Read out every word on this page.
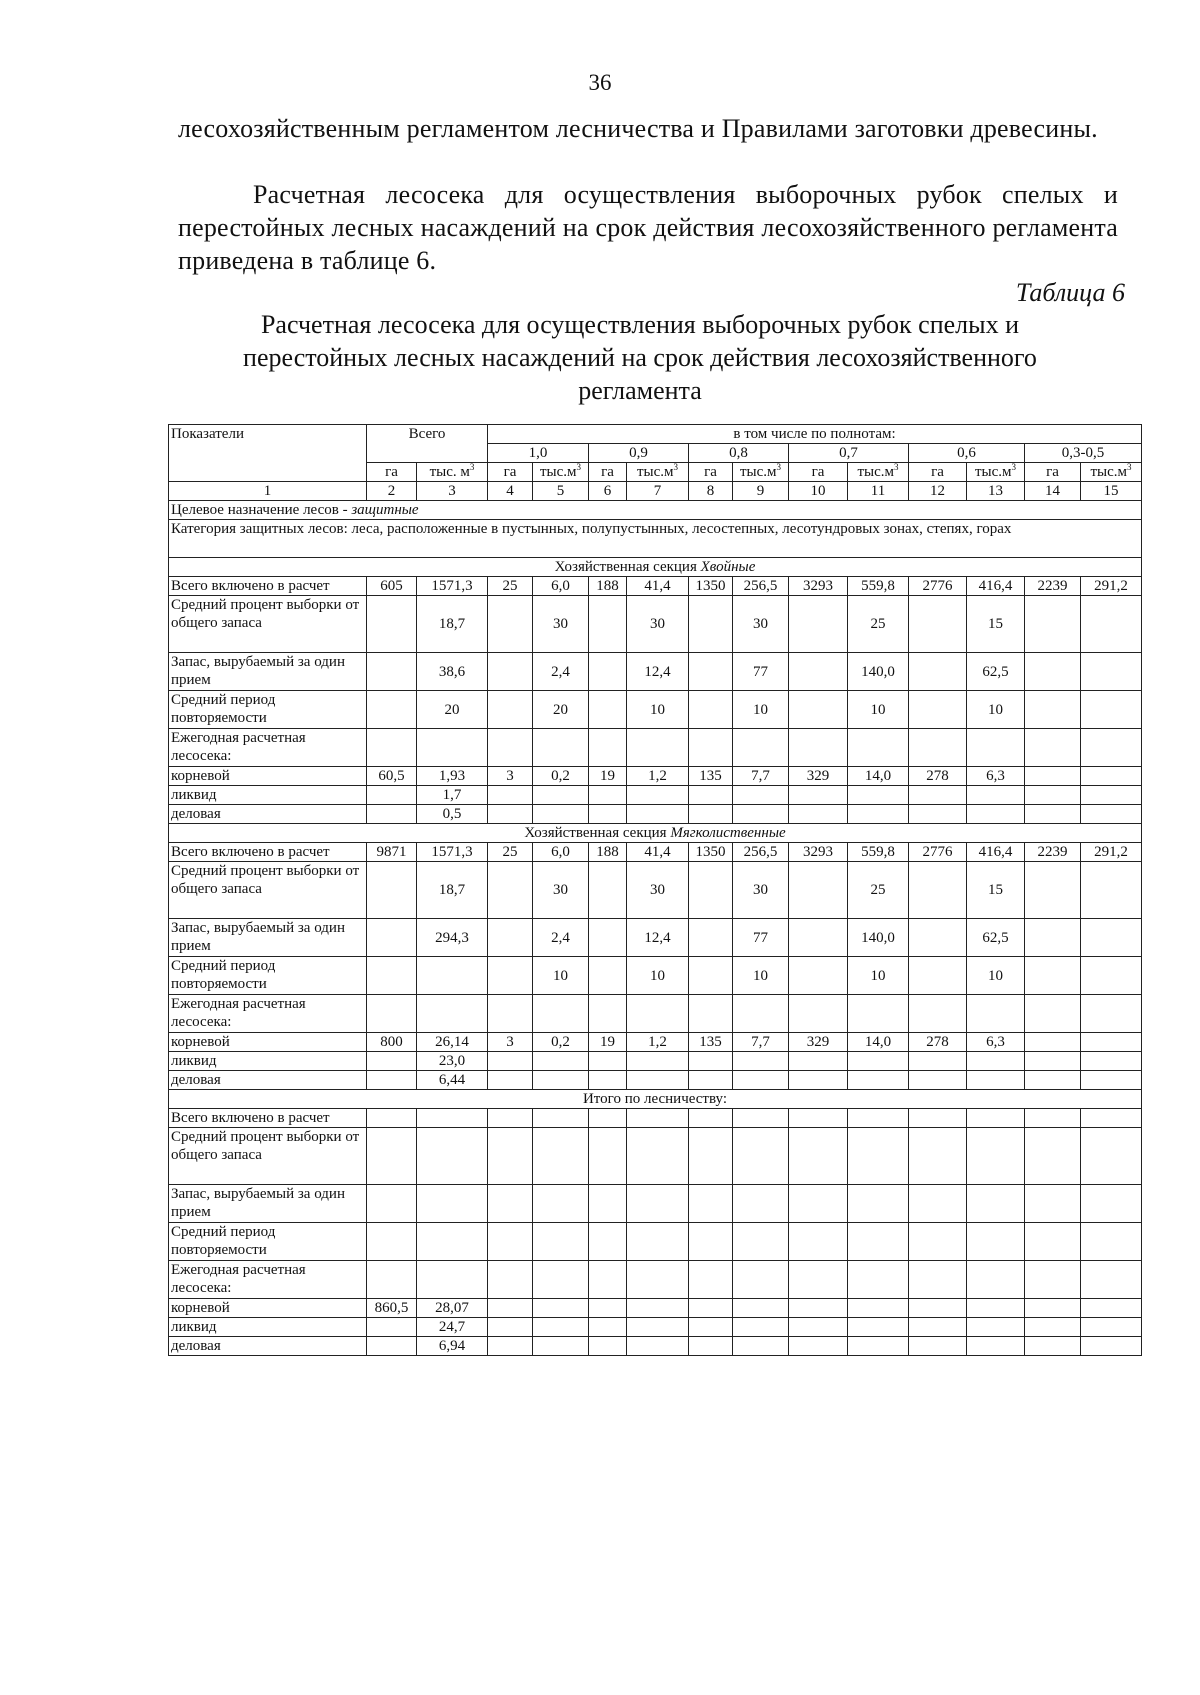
36
лесохозяйственным регламентом лесничества и Правилами заготовки древесины.
Расчетная лесосека для осуществления выборочных рубок спелых и перестойных лесных насаждений на срок действия лесохозяйственного регламента приведена в таблице 6.
Таблица 6
Расчетная лесосека для осуществления выборочных рубок спелых и перестойных лесных насаждений на срок действия лесохозяйственного регламента
Показатели	Всего		в том числе по полнотам:											
			1,0		0,9		0,8		0,7		0,6		0,3-0,5	
	га	тыс. $м^3$	га	$тыс.м^3$	га	$тыс.м^3$	га	$тыс.м^3$	га	$тыс.м^3$	га	$тыс.м^3$	га	$тыс.м^3$
1	2	3	4	5	6	7	8	9	10	11	12	13	14	15
Целевое назначение лесов - защитные														
Категория защитных лесов: леса, расположенные в пустынных, полупустынных, лесостепных, лесотундровых зонах, степях, горах														
Хозяйственная секция Хвойные														
Всего включено в расчет	605	1571,3	25	6,0	188	41,4	1350	256,5	3293	559,8	2776	416,4	2239	291,2
Средний процент выборки от общего запаса		18,7		30		30		30		25		15		
Запас, вырубаемый за один прием		38,6		2,4		12,4		77		140,0		62,5		
Средний период повторяемости		20		20		10		10		10		10		
Ежегодная расчетная лесосека:														
корневой	60,5	1,93	3	0,2	19	1,2	135	7,7	329	14,0	278	6,3		
ликвид		1,7												
деловая		0,5												
Хозяйственная секция Мягколиственные														
Всего включено в расчет	9871	1571,3	25	6,0	188	41,4	1350	256,5	3293	559,8	2776	416,4	2239	291,2
Средний процент выборки от общего запаса		18,7		30		30		30		25		15		
Запас, вырубаемый за один прием		294,3		2,4		12,4		77		140,0		62,5		
Средний период повторяемости				10		10		10		10		10		
Ежегодная расчетная лесосека:														
корневой	800	26,14	3	0,2	19	1,2	135	7,7	329	14,0	278	6,3		
ликвид		23,0												
деловая		6,44												
Итого по лесничеству:														
Всего включено в расчет														
Средний процент выборки от общего запаса														
Запас, вырубаемый за один прием														
Средний период повторяемости														
Ежегодная расчетная лесосека:														
корневой	860,5	28,07												
ликвид		24,7												
деловая		6,94												
